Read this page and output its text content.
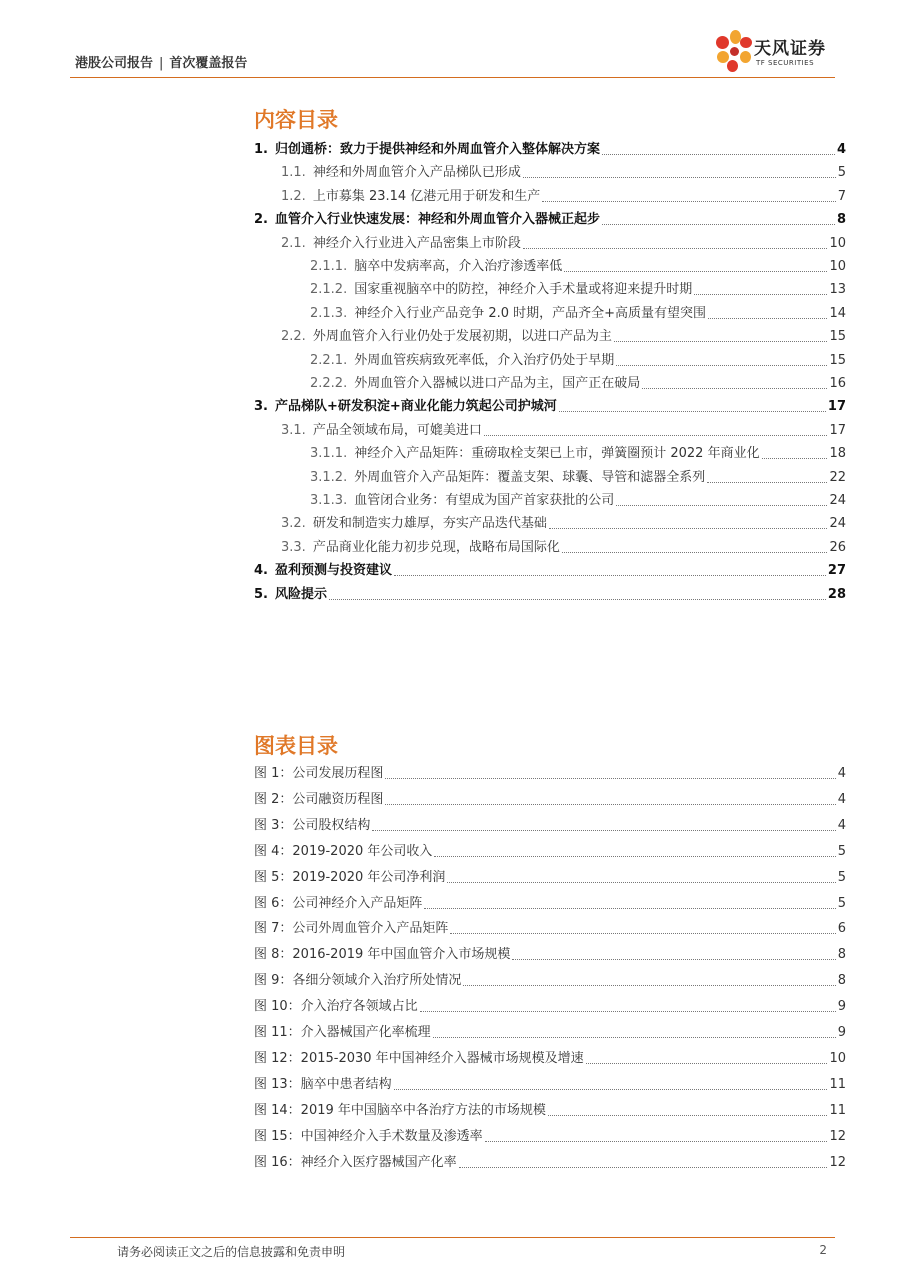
港股公司报告 | 首次覆盖报告
天风证券
TF SECURITIES
内容目录
1. 归创通桥：致力于提供神经和外周血管介入整体解决方案	4
1.1. 神经和外周血管介入产品梯队已形成	5
1.2. 上市募集 23.14 亿港元用于研发和生产	7
2. 血管介入行业快速发展：神经和外周血管介入器械正起步	8
2.1. 神经介入行业进入产品密集上市阶段	10
2.1.1. 脑卒中发病率高，介入治疗渗透率低	10
2.1.2. 国家重视脑卒中的防控，神经介入手术量或将迎来提升时期	13
2.1.3. 神经介入行业产品竞争 2.0 时期，产品齐全+高质量有望突围	14
2.2. 外周血管介入行业仍处于发展初期，以进口产品为主	15
2.2.1. 外周血管疾病致死率低，介入治疗仍处于早期	15
2.2.2. 外周血管介入器械以进口产品为主，国产正在破局	16
3. 产品梯队+研发积淀+商业化能力筑起公司护城河	17
3.1. 产品全领域布局，可媲美进口	17
3.1.1. 神经介入产品矩阵：重磅取栓支架已上市，弹簧圈预计 2022 年商业化	18
3.1.2. 外周血管介入产品矩阵：覆盖支架、球囊、导管和滤器全系列	22
3.1.3. 血管闭合业务：有望成为国产首家获批的公司	24
3.2. 研发和制造实力雄厚，夯实产品迭代基础	24
3.3. 产品商业化能力初步兑现，战略布局国际化	26
4. 盈利预测与投资建议	27
5. 风险提示	28
图表目录
图 1：公司发展历程图	4
图 2：公司融资历程图	4
图 3：公司股权结构	4
图 4：2019-2020 年公司收入	5
图 5：2019-2020 年公司净利润	5
图 6：公司神经介入产品矩阵	5
图 7：公司外周血管介入产品矩阵	6
图 8：2016-2019 年中国血管介入市场规模	8
图 9：各细分领域介入治疗所处情况	8
图 10：介入治疗各领域占比	9
图 11：介入器械国产化率梳理	9
图 12：2015-2030 年中国神经介入器械市场规模及增速	10
图 13：脑卒中患者结构	11
图 14：2019 年中国脑卒中各治疗方法的市场规模	11
图 15：中国神经介入手术数量及渗透率	12
图 16：神经介入医疗器械国产化率	12
请务必阅读正文之后的信息披露和免责申明	2
